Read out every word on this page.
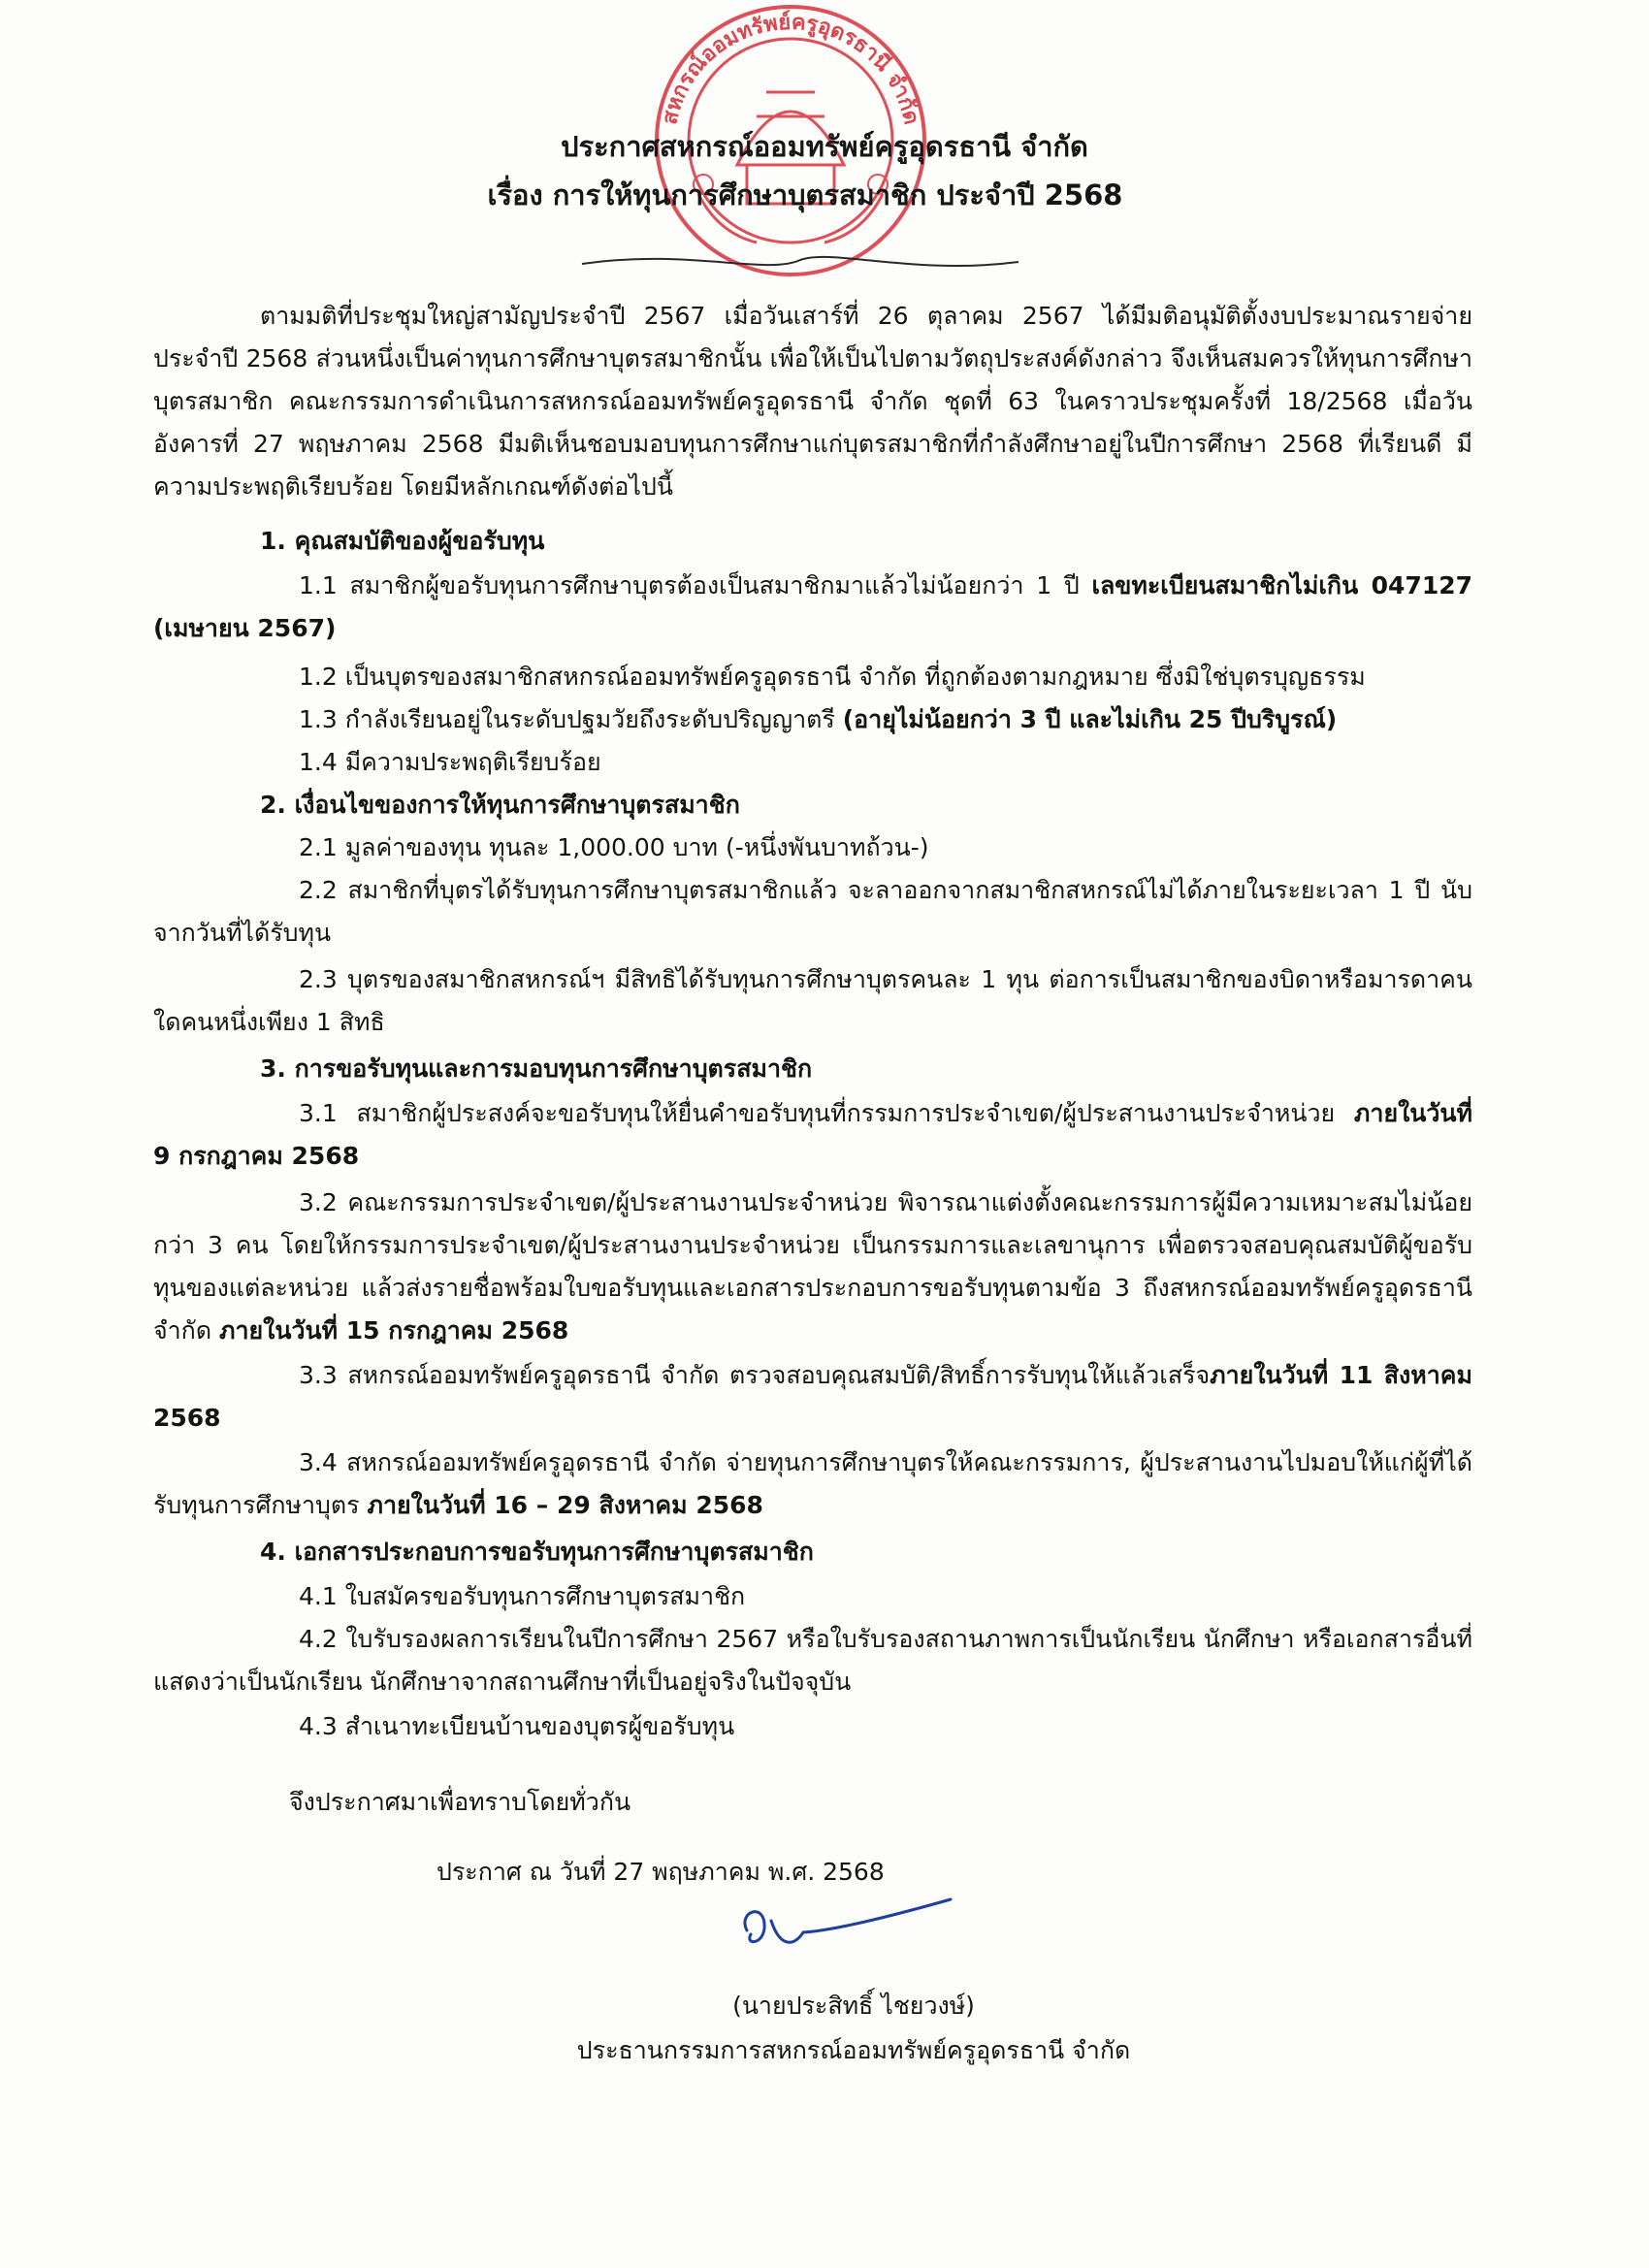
สหกรณ์ออมทรัพย์ครูอุดรธานี จำกัด
ประกาศสหกรณ์ออมทรัพย์ครูอุดรธานี จำกัด
เรื่อง การให้ทุนการศึกษาบุตรสมาชิก ประจำปี 2568
ตามมติที่ประชุมใหญ่สามัญประจำปี 2567 เมื่อวันเสาร์ที่ 26 ตุลาคม 2567 ได้มีมติอนุมัติตั้งงบประมาณรายจ่ายประจำปี 2568 ส่วนหนึ่งเป็นค่าทุนการศึกษาบุตรสมาชิกนั้น เพื่อให้เป็นไปตามวัตถุประสงค์ดังกล่าว จึงเห็นสมควรให้ทุนการศึกษาบุตรสมาชิก คณะกรรมการดำเนินการสหกรณ์ออมทรัพย์ครูอุดรธานี จำกัด ชุดที่ 63 ในคราวประชุมครั้งที่ 18/2568 เมื่อวันอังคารที่ 27 พฤษภาคม 2568 มีมติเห็นชอบมอบทุนการศึกษาแก่บุตรสมาชิกที่กำลังศึกษาอยู่ในปีการศึกษา 2568 ที่เรียนดี มีความประพฤติเรียบร้อย โดยมีหลักเกณฑ์ดังต่อไปนี้
1. คุณสมบัติของผู้ขอรับทุน
1.1 สมาชิกผู้ขอรับทุนการศึกษาบุตรต้องเป็นสมาชิกมาแล้วไม่น้อยกว่า 1 ปี เลขทะเบียนสมาชิกไม่เกิน 047127 (เมษายน 2567)
1.2 เป็นบุตรของสมาชิกสหกรณ์ออมทรัพย์ครูอุดรธานี จำกัด ที่ถูกต้องตามกฎหมาย ซึ่งมิใช่บุตรบุญธรรม
1.3 กำลังเรียนอยู่ในระดับปฐมวัยถึงระดับปริญญาตรี (อายุไม่น้อยกว่า 3 ปี และไม่เกิน 25 ปีบริบูรณ์)
1.4 มีความประพฤติเรียบร้อย
2. เงื่อนไขของการให้ทุนการศึกษาบุตรสมาชิก
2.1 มูลค่าของทุน ทุนละ 1,000.00 บาท (-หนึ่งพันบาทถ้วน-)
2.2 สมาชิกที่บุตรได้รับทุนการศึกษาบุตรสมาชิกแล้ว จะลาออกจากสมาชิกสหกรณ์ไม่ได้ภายในระยะเวลา 1 ปี นับจากวันที่ได้รับทุน
2.3 บุตรของสมาชิกสหกรณ์ฯ มีสิทธิได้รับทุนการศึกษาบุตรคนละ 1 ทุน ต่อการเป็นสมาชิกของบิดาหรือมารดาคนใดคนหนึ่งเพียง 1 สิทธิ
3. การขอรับทุนและการมอบทุนการศึกษาบุตรสมาชิก
3.1 สมาชิกผู้ประสงค์จะขอรับทุนให้ยื่นคำขอรับทุนที่กรรมการประจำเขต/ผู้ประสานงานประจำหน่วย ภายในวันที่ 9 กรกฎาคม 2568
3.2 คณะกรรมการประจำเขต/ผู้ประสานงานประจำหน่วย พิจารณาแต่งตั้งคณะกรรมการผู้มีความเหมาะสมไม่น้อยกว่า 3 คน โดยให้กรรมการประจำเขต/ผู้ประสานงานประจำหน่วย เป็นกรรมการและเลขานุการ เพื่อตรวจสอบคุณสมบัติผู้ขอรับทุนของแต่ละหน่วย แล้วส่งรายชื่อพร้อมใบขอรับทุนและเอกสารประกอบการขอรับทุนตามข้อ 3 ถึงสหกรณ์ออมทรัพย์ครูอุดรธานี จำกัด ภายในวันที่ 15 กรกฎาคม 2568
3.3 สหกรณ์ออมทรัพย์ครูอุดรธานี จำกัด ตรวจสอบคุณสมบัติ/สิทธิ์การรับทุนให้แล้วเสร็จภายในวันที่ 11 สิงหาคม 2568
3.4 สหกรณ์ออมทรัพย์ครูอุดรธานี จำกัด จ่ายทุนการศึกษาบุตรให้คณะกรรมการ, ผู้ประสานงานไปมอบให้แก่ผู้ที่ได้รับทุนการศึกษาบุตร ภายในวันที่ 16 – 29 สิงหาคม 2568
4. เอกสารประกอบการขอรับทุนการศึกษาบุตรสมาชิก
4.1 ใบสมัครขอรับทุนการศึกษาบุตรสมาชิก
4.2 ใบรับรองผลการเรียนในปีการศึกษา 2567 หรือใบรับรองสถานภาพการเป็นนักเรียน นักศึกษา หรือเอกสารอื่นที่แสดงว่าเป็นนักเรียน นักศึกษาจากสถานศึกษาที่เป็นอยู่จริงในปัจจุบัน
4.3 สำเนาทะเบียนบ้านของบุตรผู้ขอรับทุน
จึงประกาศมาเพื่อทราบโดยทั่วกัน
ประกาศ ณ วันที่ 27 พฤษภาคม พ.ศ. 2568
(นายประสิทธิ์ ไชยวงษ์)
ประธานกรรมการสหกรณ์ออมทรัพย์ครูอุดรธานี จำกัด
